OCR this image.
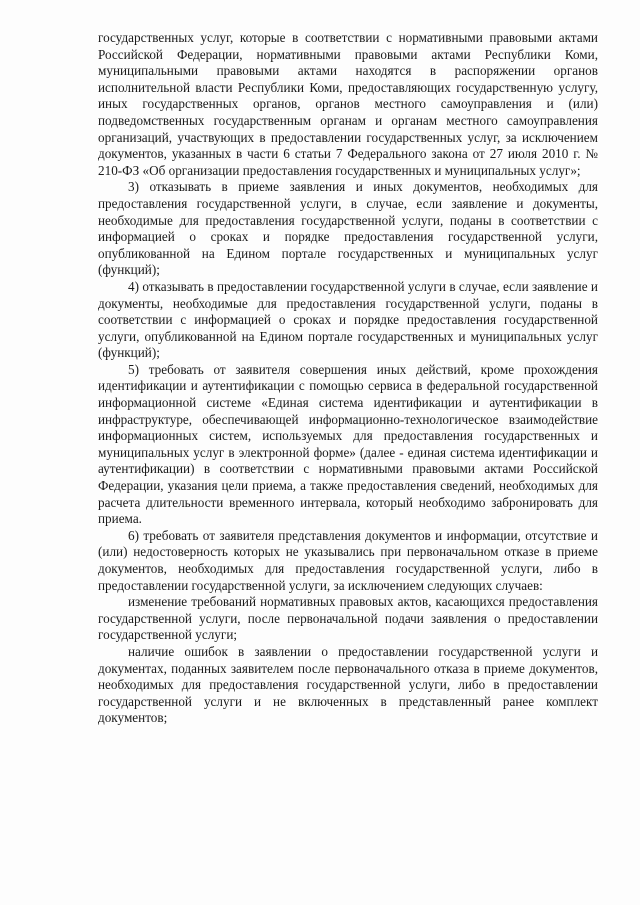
государственных услуг, которые в соответствии с нормативными правовыми актами Российской Федерации, нормативными правовыми актами Республики Коми, муниципальными правовыми актами находятся в распоряжении органов исполнительной власти Республики Коми, предоставляющих государственную услугу, иных государственных органов, органов местного самоуправления и (или) подведомственных государственным органам и органам местного самоуправления организаций, участвующих в предоставлении государственных услуг, за исключением документов, указанных в части 6 статьи 7 Федерального закона от 27 июля 2010 г. № 210-ФЗ «Об организации предоставления государственных и муниципальных услуг»;

3) отказывать в приеме заявления и иных документов, необходимых для предоставления государственной услуги, в случае, если заявление и документы, необходимые для предоставления государственной услуги, поданы в соответствии с информацией о сроках и порядке предоставления государственной услуги, опубликованной на Едином портале государственных и муниципальных услуг (функций);

4) отказывать в предоставлении государственной услуги в случае, если заявление и документы, необходимые для предоставления государственной услуги, поданы в соответствии с информацией о сроках и порядке предоставления государственной услуги, опубликованной на Едином портале государственных и муниципальных услуг (функций);

5) требовать от заявителя совершения иных действий, кроме прохождения идентификации и аутентификации с помощью сервиса в федеральной государственной информационной системе «Единая система идентификации и аутентификации в инфраструктуре, обеспечивающей информационно-технологическое взаимодействие информационных систем, используемых для предоставления государственных и муниципальных услуг в электронной форме» (далее - единая система идентификации и аутентификации) в соответствии с нормативными правовыми актами Российской Федерации, указания цели приема, а также предоставления сведений, необходимых для расчета длительности временного интервала, который необходимо забронировать для приема.

6) требовать от заявителя представления документов и информации, отсутствие и (или) недостоверность которых не указывались при первоначальном отказе в приеме документов, необходимых для предоставления государственной услуги, либо в предоставлении государственной услуги, за исключением следующих случаев:

изменение требований нормативных правовых актов, касающихся предоставления государственной услуги, после первоначальной подачи заявления о предоставлении государственной услуги;

наличие ошибок в заявлении о предоставлении государственной услуги и документах, поданных заявителем после первоначального отказа в приеме документов, необходимых для предоставления государственной услуги, либо в предоставлении государственной услуги и не включенных в представленный ранее комплект документов;
